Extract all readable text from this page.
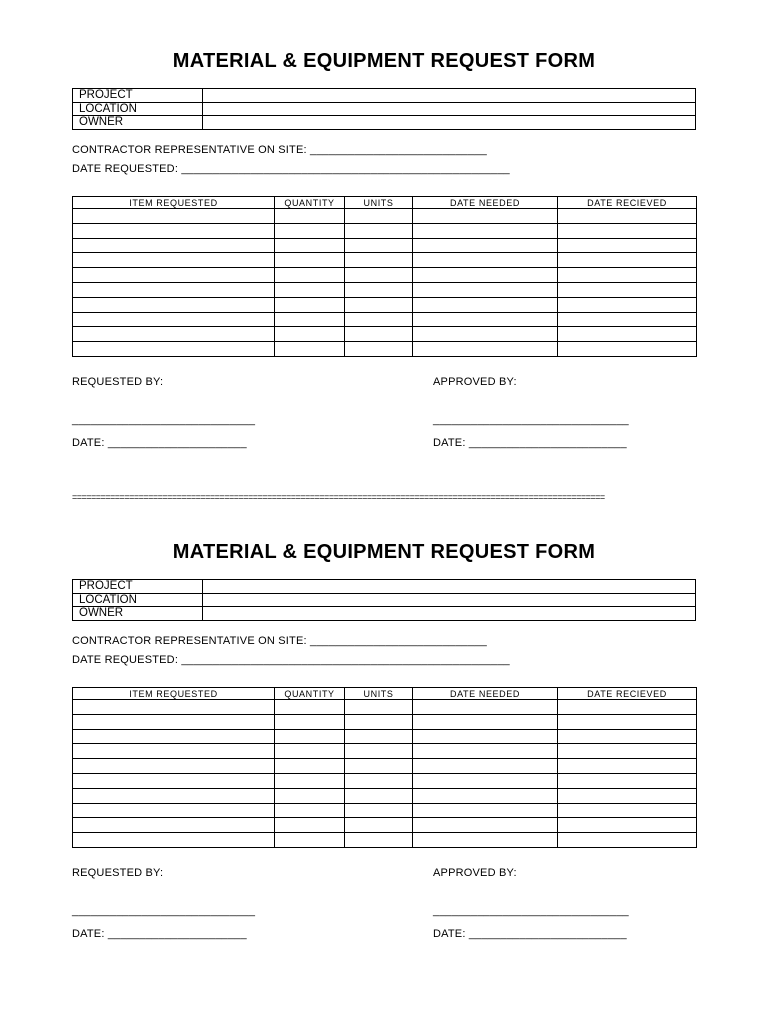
MATERIAL & EQUIPMENT REQUEST FORM
PROJECT	
LOCATION	
OWNER	
CONTRACTOR REPRESENTATIVE ON SITE: ____________________________
DATE REQUESTED: ____________________________________________________
ITEM REQUESTED	QUANTITY	UNITS	DATE NEEDED	DATE RECIEVED

REQUESTED BY:	APPROVED BY:
_____________________________	_______________________________
DATE: ______________________	DATE: _________________________
================================================================================================================
MATERIAL & EQUIPMENT REQUEST FORM
PROJECT	
LOCATION	
OWNER	
CONTRACTOR REPRESENTATIVE ON SITE: ____________________________
DATE REQUESTED: ____________________________________________________
ITEM REQUESTED	QUANTITY	UNITS	DATE NEEDED	DATE RECIEVED

REQUESTED BY:	APPROVED BY:
_____________________________	_______________________________
DATE: ______________________	DATE: _________________________
